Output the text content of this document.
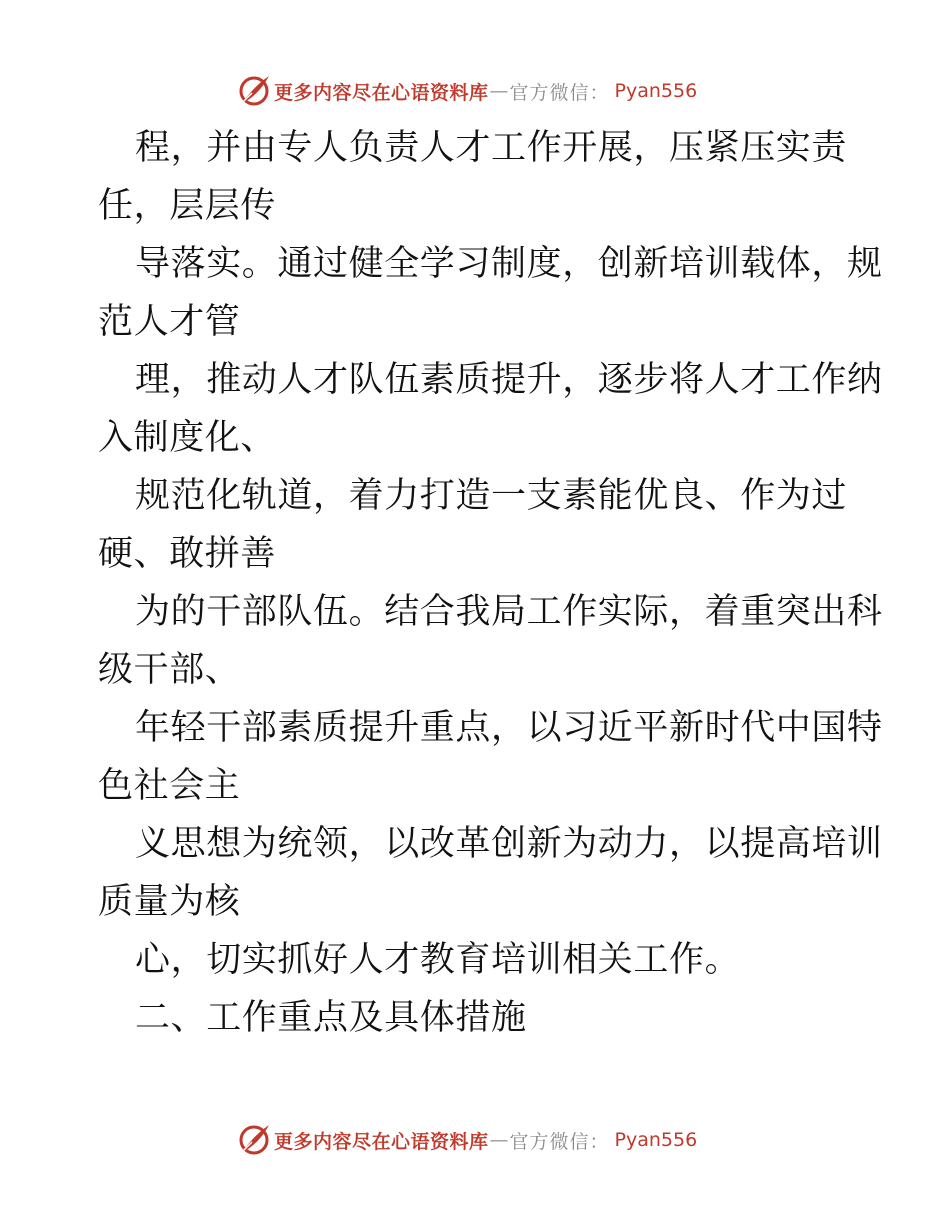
更多内容尽在心语资料库 — 官方微信 ： Pyan556
程，并由专人负责人才工作开展，压紧压实责
任，层层传
导落实。通过健全学习制度，创新培训载体，规
范人才管
理，推动人才队伍素质提升，逐步将人才工作纳
入制度化、
规范化轨道，着力打造一支素能优良、作为过
硬、敢拼善
为的干部队伍。结合我局工作实际，着重突出科
级干部、
年轻干部素质提升重点，以习近平新时代中国特
色社会主
义思想为统领，以改革创新为动力，以提高培训
质量为核
心，切实抓好人才教育培训相关工作。
二、工作重点及具体措施
更多内容尽在心语资料库 — 官方微信 ： Pyan556
